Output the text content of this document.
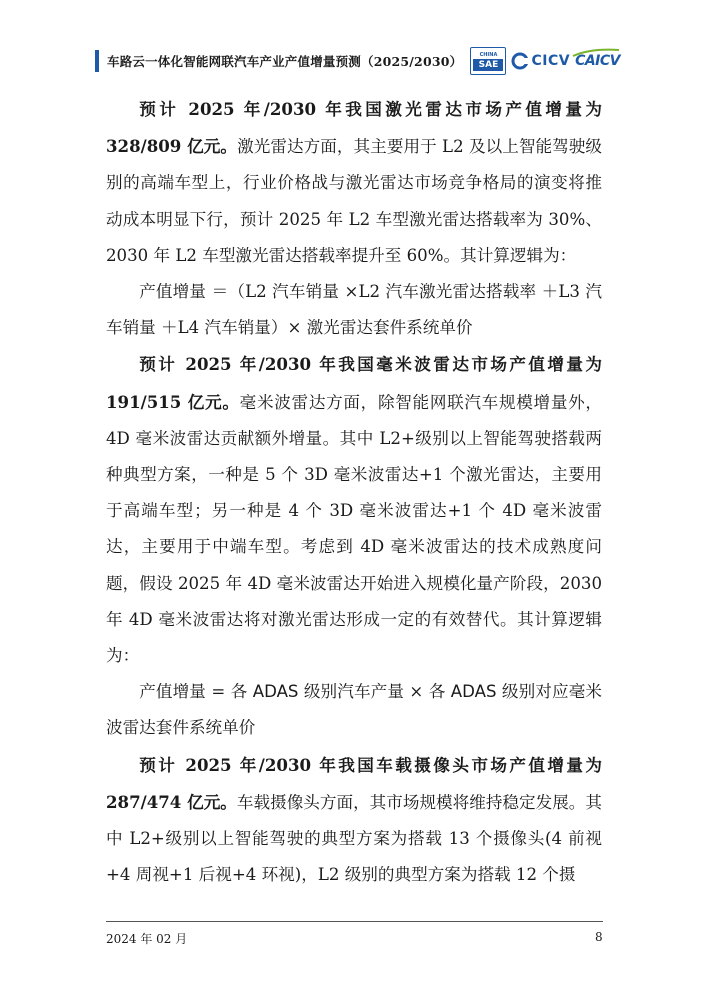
车路云一体化智能网联汽车产业产值增量预测（2025/2030）	CHINA
SAE	CICV CAICV

预计 2025 年/2030 年我国激光雷达市场产值增量为 328/809 亿元。激光雷达方面，其主要用于 L2 及以上智能驾驶级别的高端车型上，行业价格战与激光雷达市场竞争格局的演变将推动成本明显下行，预计 2025 年 L2 车型激光雷达搭载率为 30%、2030 年 L2 车型激光雷达搭载率提升至 60%。其计算逻辑为：

产值增量 ＝（L2 汽车销量 ×L2 汽车激光雷达搭载率 ＋L3 汽车销量 ＋L4 汽车销量）× 激光雷达套件系统单价

预计 2025 年/2030 年我国毫米波雷达市场产值增量为 191/515 亿元。毫米波雷达方面，除智能网联汽车规模增量外，4D 毫米波雷达贡献额外增量。其中 L2+级别以上智能驾驶搭载两种典型方案，一种是 5 个 3D 毫米波雷达+1 个激光雷达，主要用于高端车型；另一种是 4 个 3D 毫米波雷达+1 个 4D 毫米波雷达，主要用于中端车型。考虑到 4D 毫米波雷达的技术成熟度问题，假设 2025 年 4D 毫米波雷达开始进入规模化量产阶段，2030 年 4D 毫米波雷达将对激光雷达形成一定的有效替代。其计算逻辑为：

产值增量 = 各 ADAS 级别汽车产量 × 各 ADAS 级别对应毫米波雷达套件系统单价

预计 2025 年/2030 年我国车载摄像头市场产值增量为 287/474 亿元。车载摄像头方面，其市场规模将维持稳定发展。其中 L2+级别以上智能驾驶的典型方案为搭载 13 个摄像头(4 前视+4 周视+1 后视+4 环视)，L2 级别的典型方案为搭载 12 个摄

2024 年 02 月	8
